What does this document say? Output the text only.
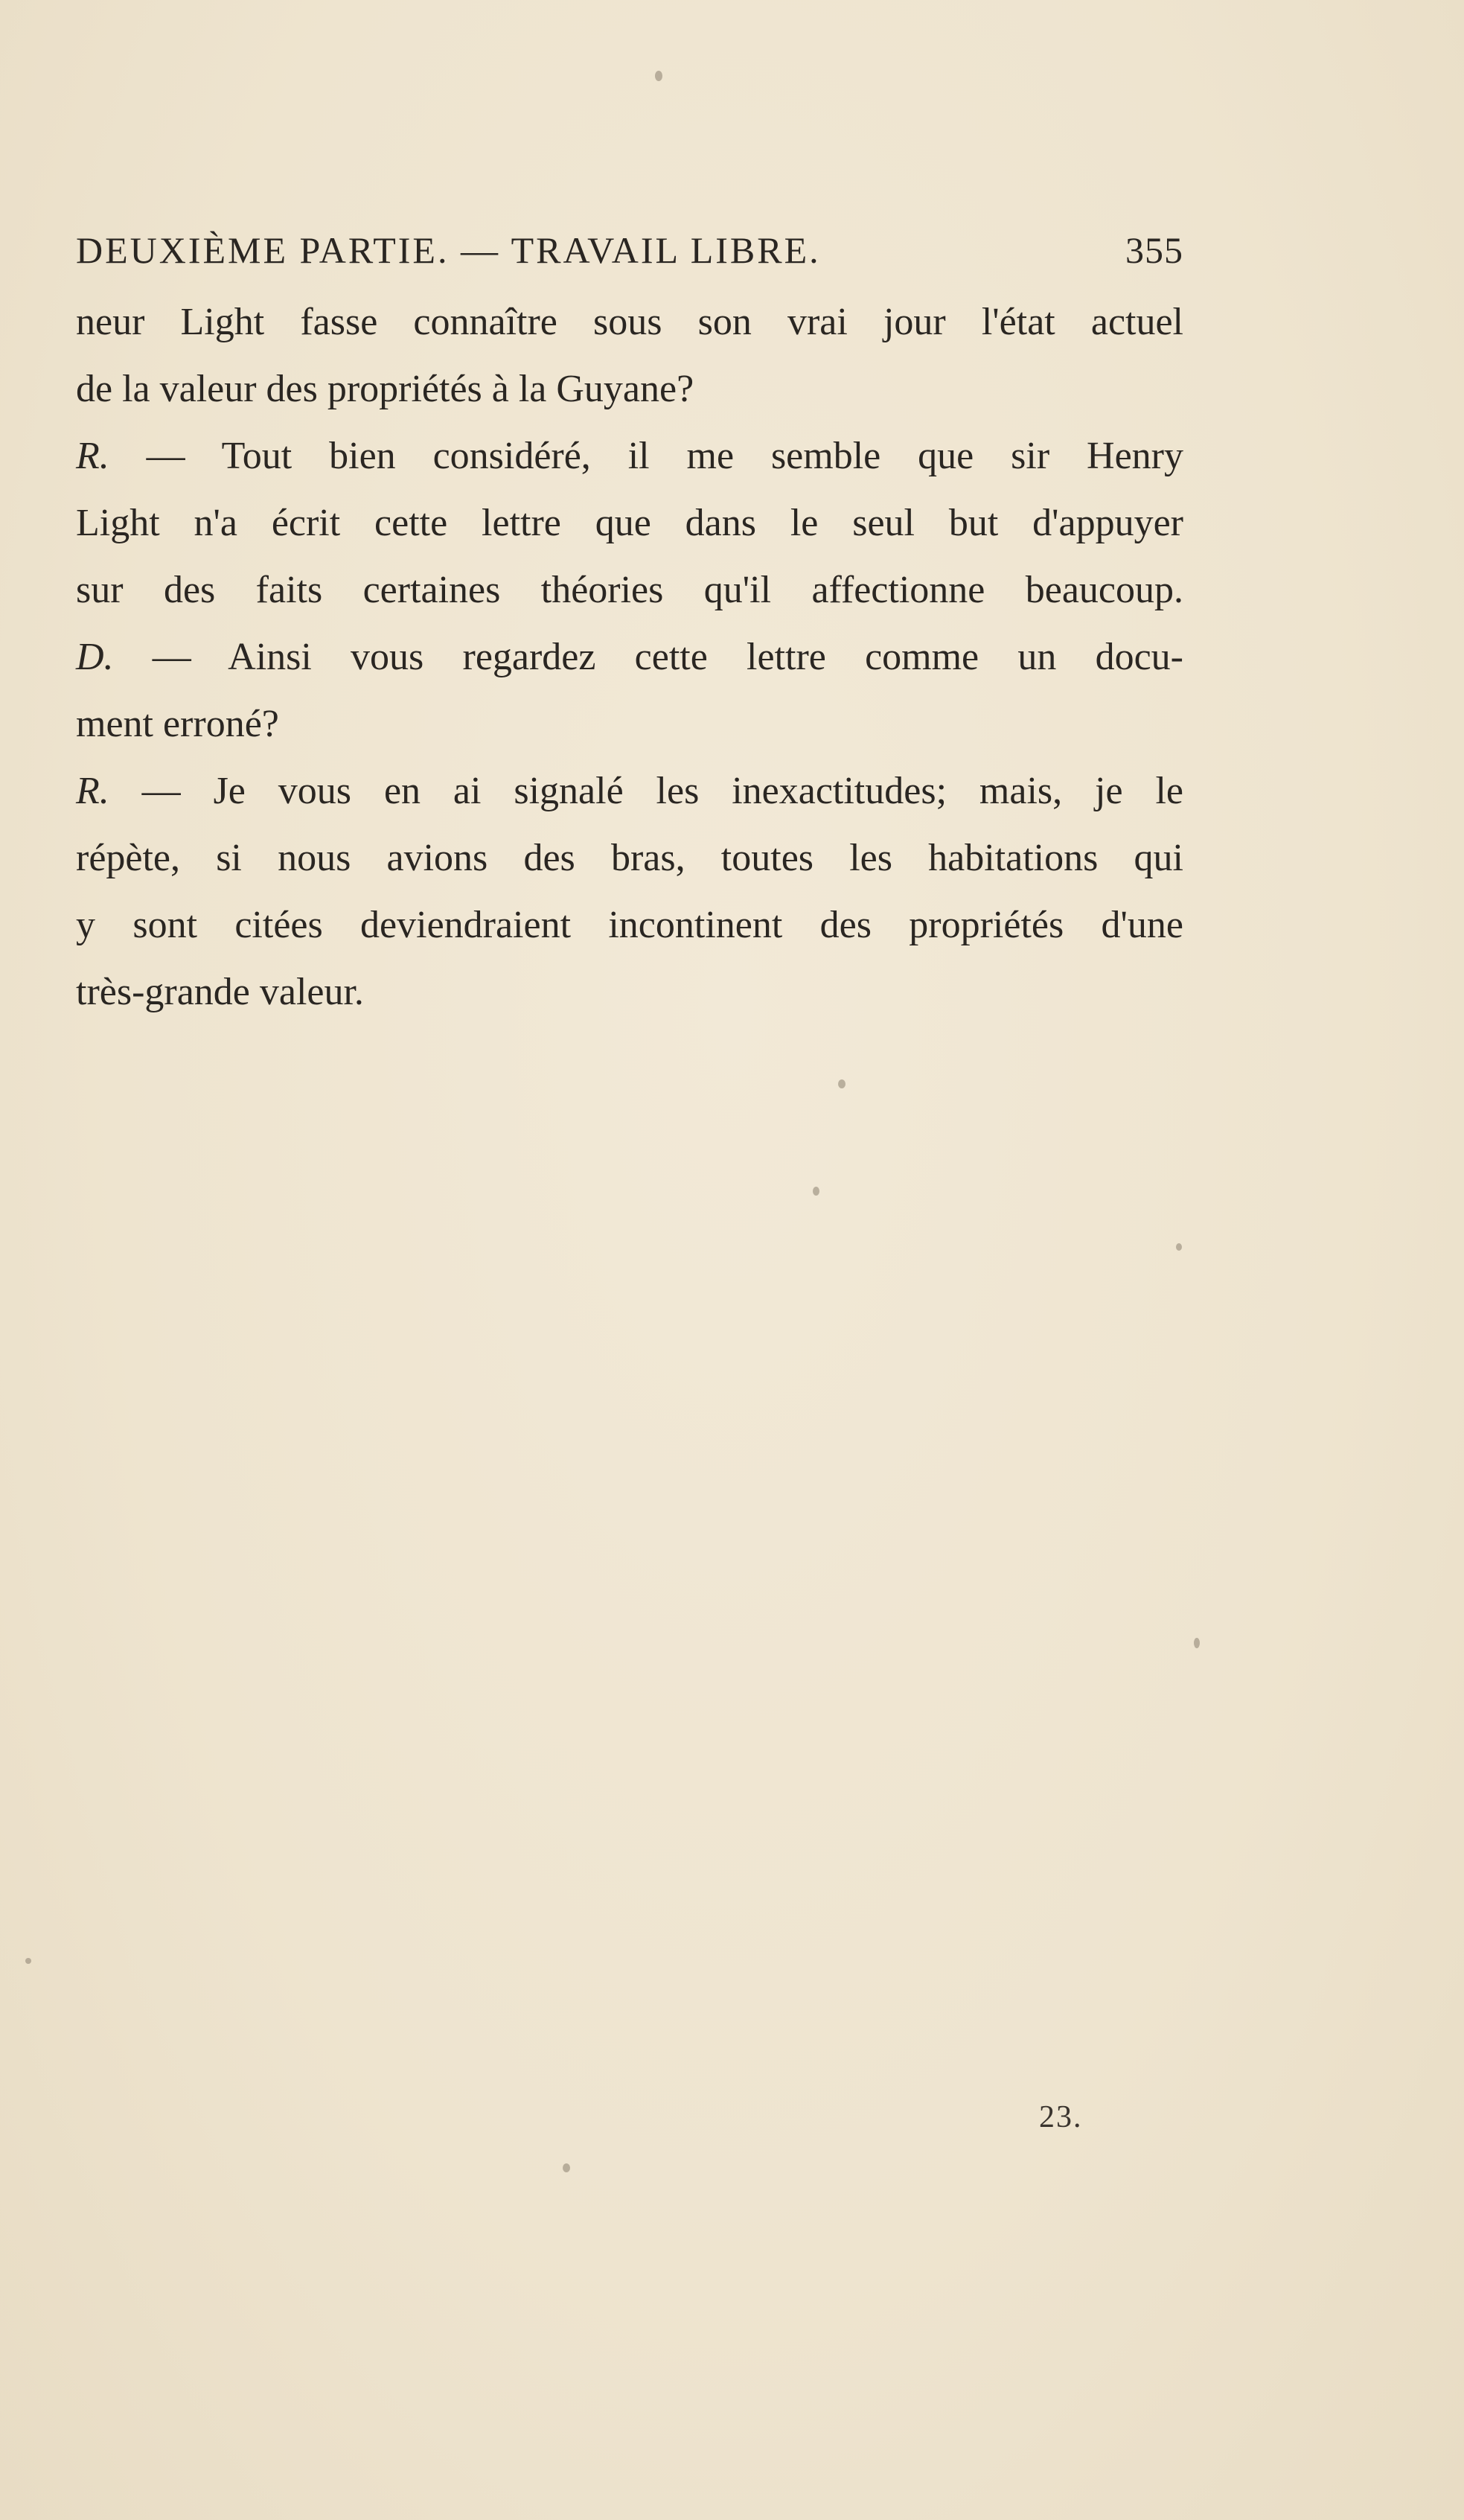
DEUXIÈME PARTIE. — TRAVAIL LIBRE.	355
neur Light fasse connaître sous son vrai jour l'état actuel
de la valeur des propriétés à la Guyane?
R. — Tout bien considéré, il me semble que sir Henry
Light n'a écrit cette lettre que dans le seul but d'appuyer
sur des faits certaines théories qu'il affectionne beaucoup.
D. — Ainsi vous regardez cette lettre comme un docu-
ment erroné?
R. — Je vous en ai signalé les inexactitudes; mais, je le
répète, si nous avions des bras, toutes les habitations qui
y sont citées deviendraient incontinent des propriétés d'une
très-grande valeur.
23.
